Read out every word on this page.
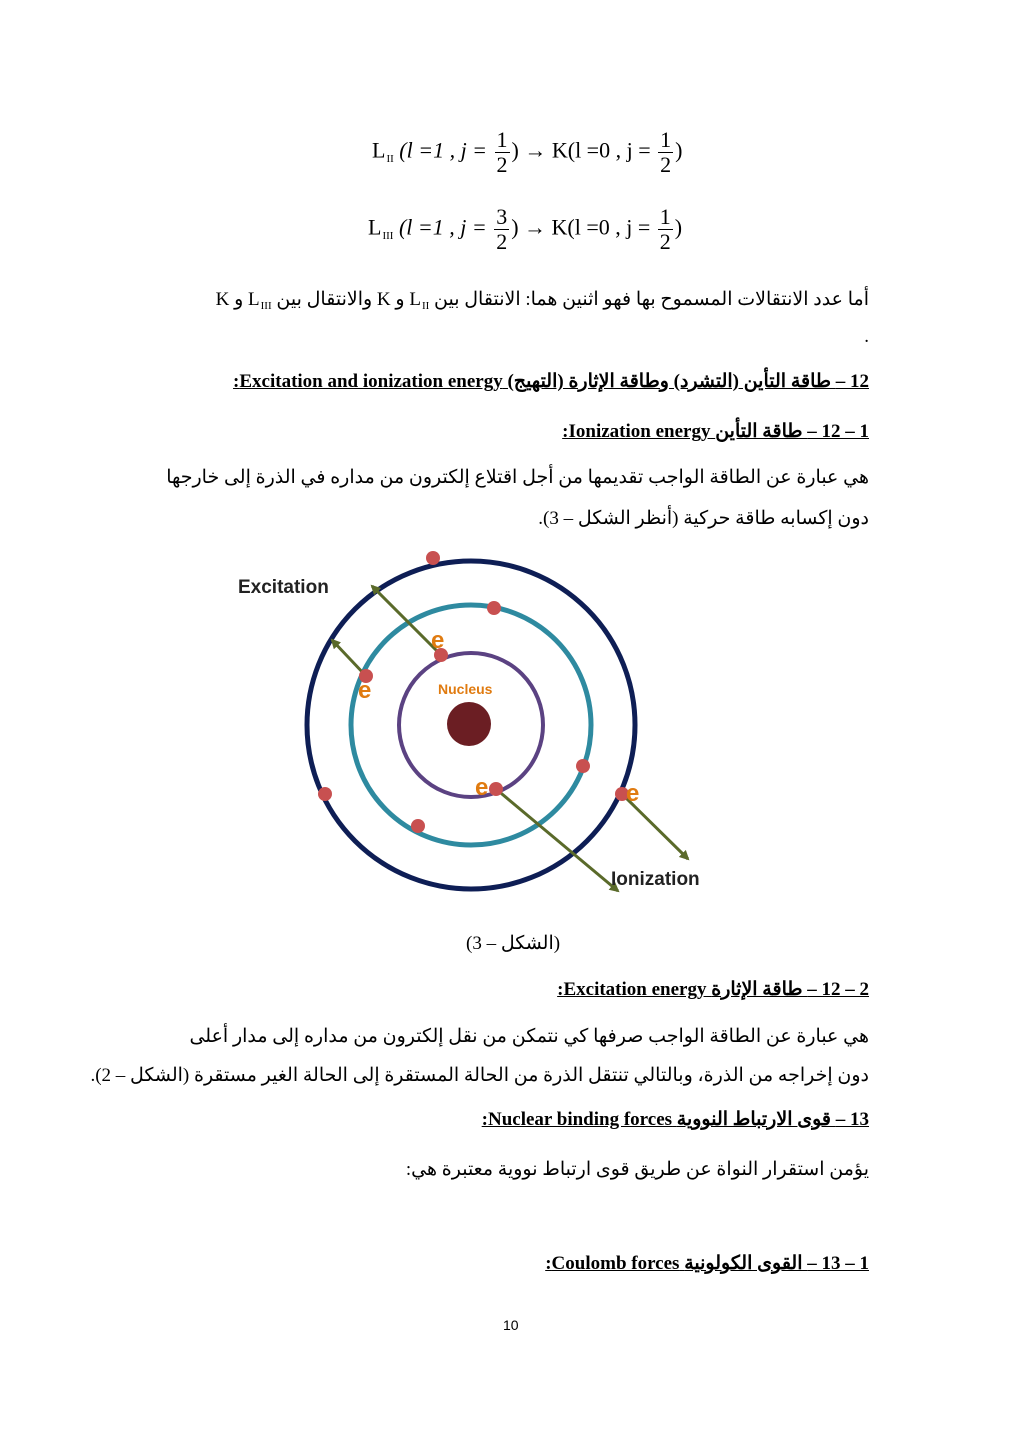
$L_{II}$ (l =1 , $j = \frac{1}{2}$ ) → K(l =0 , $j = \frac{1}{2}$ )
$L_{III}$ (l =1 , $j = \frac{3}{2}$ ) → K(l =0 , $j = \frac{1}{2}$ )
أما عدد الانتقالات المسموح بها فهو اثنين هما: الانتقال بين $L_{II}$ و K والانتقال بين $L_{III}$ و K
.
12 – طاقة التأين (التشرد) وطاقة الإثارة (التهيج) Excitation and ionization energy:
1 – 12 – طاقة التأين Ionization energy:
هي عبارة عن الطاقة الواجب تقديمها من أجل اقتلاع إلكترون من مداره في الذرة إلى خارجها
دون إكسابه طاقة حركية (أنظر الشكل – 3).
Excitation
Nucleus
Ionization
e
e
e	e
(الشكل – 3)
2 – 12 – طاقة الإثارة Excitation energy:
هي عبارة عن الطاقة الواجب صرفها كي نتمكن من نقل إلكترون من مداره إلى مدار أعلى
دون إخراجه من الذرة، وبالتالي تنتقل الذرة من الحالة المستقرة إلى الحالة الغير مستقرة (الشكل – 2).
13 – قوى الارتباط النووية Nuclear binding forces:
يؤمن استقرار النواة عن طريق قوى ارتباط نووية معتبرة هي:
1 – 13 – القوى الكولونية Coulomb forces:
10
